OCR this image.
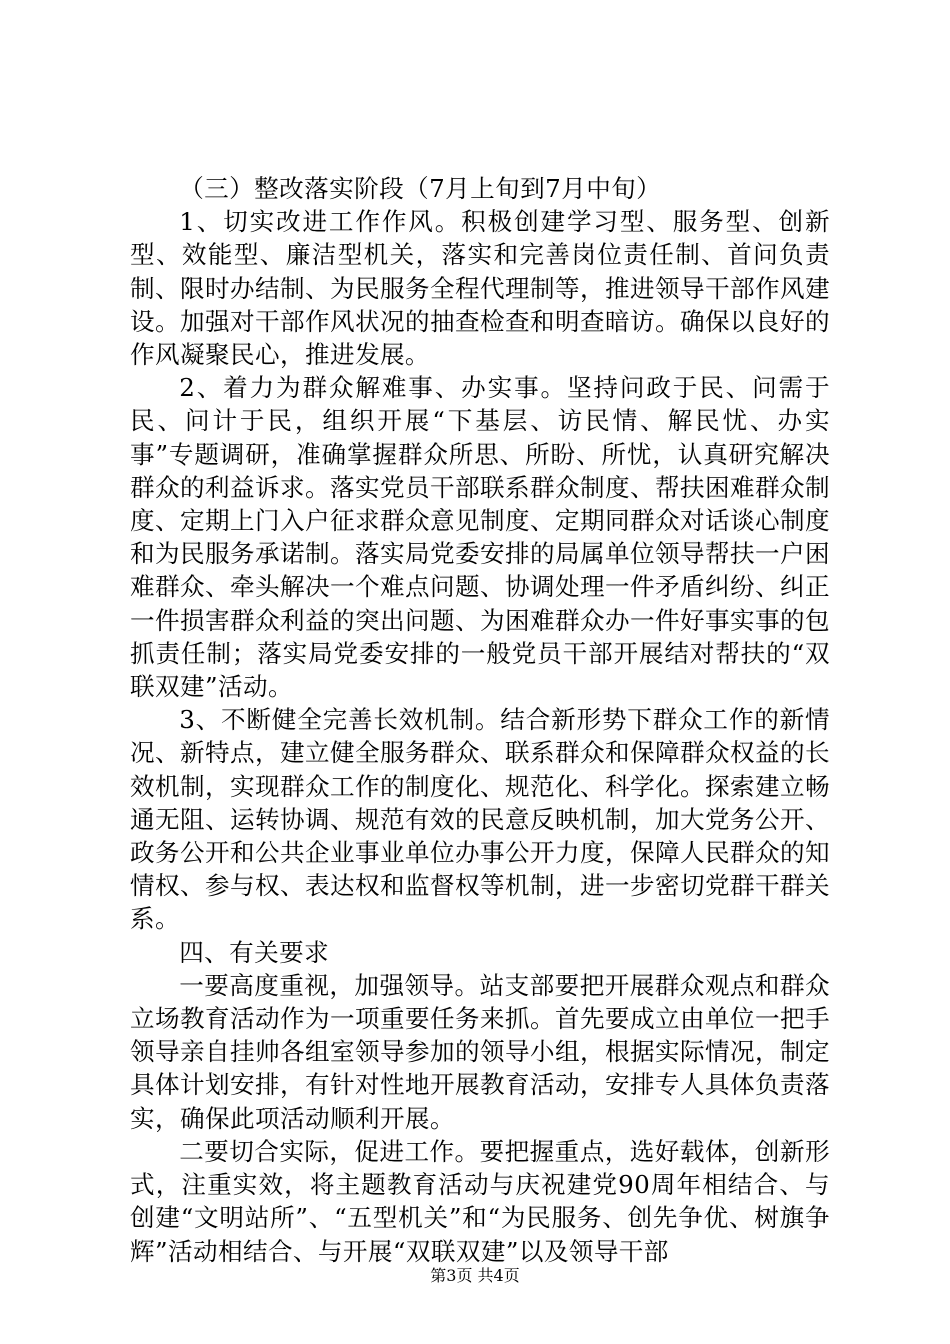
（三）整改落实阶段（7月上旬到7月中旬）

1、切实改进工作作风。积极创建学习型、服务型、创新型、效能型、廉洁型机关，落实和完善岗位责任制、首问负责制、限时办结制、为民服务全程代理制等，推进领导干部作风建设。加强对干部作风状况的抽查检查和明查暗访。确保以良好的作风凝聚民心，推进发展。

2、着力为群众解难事、办实事。坚持问政于民、问需于民、问计于民，组织开展“下基层、访民情、解民忧、办实事”专题调研，准确掌握群众所思、所盼、所忧，认真研究解决群众的利益诉求。落实党员干部联系群众制度、帮扶困难群众制度、定期上门入户征求群众意见制度、定期同群众对话谈心制度和为民服务承诺制。落实局党委安排的局属单位领导帮扶一户困难群众、牵头解决一个难点问题、协调处理一件矛盾纠纷、纠正一件损害群众利益的突出问题、为困难群众办一件好事实事的包抓责任制；落实局党委安排的一般党员干部开展结对帮扶的“双联双建”活动。

3、不断健全完善长效机制。结合新形势下群众工作的新情况、新特点，建立健全服务群众、联系群众和保障群众权益的长效机制，实现群众工作的制度化、规范化、科学化。探索建立畅通无阻、运转协调、规范有效的民意反映机制，加大党务公开、政务公开和公共企业事业单位办事公开力度，保障人民群众的知情权、参与权、表达权和监督权等机制，进一步密切党群干群关系。

四、有关要求

一要高度重视，加强领导。站支部要把开展群众观点和群众立场教育活动作为一项重要任务来抓。首先要成立由单位一把手领导亲自挂帅各组室领导参加的领导小组，根据实际情况，制定具体计划安排，有针对性地开展教育活动，安排专人具体负责落实，确保此项活动顺利开展。

二要切合实际，促进工作。要把握重点，选好载体，创新形式，注重实效，将主题教育活动与庆祝建党90周年相结合、与创建“文明站所”、“五型机关”和“为民服务、创先争优、树旗争辉”活动相结合、与开展“双联双建”以及领导干部

第3页 共4页
